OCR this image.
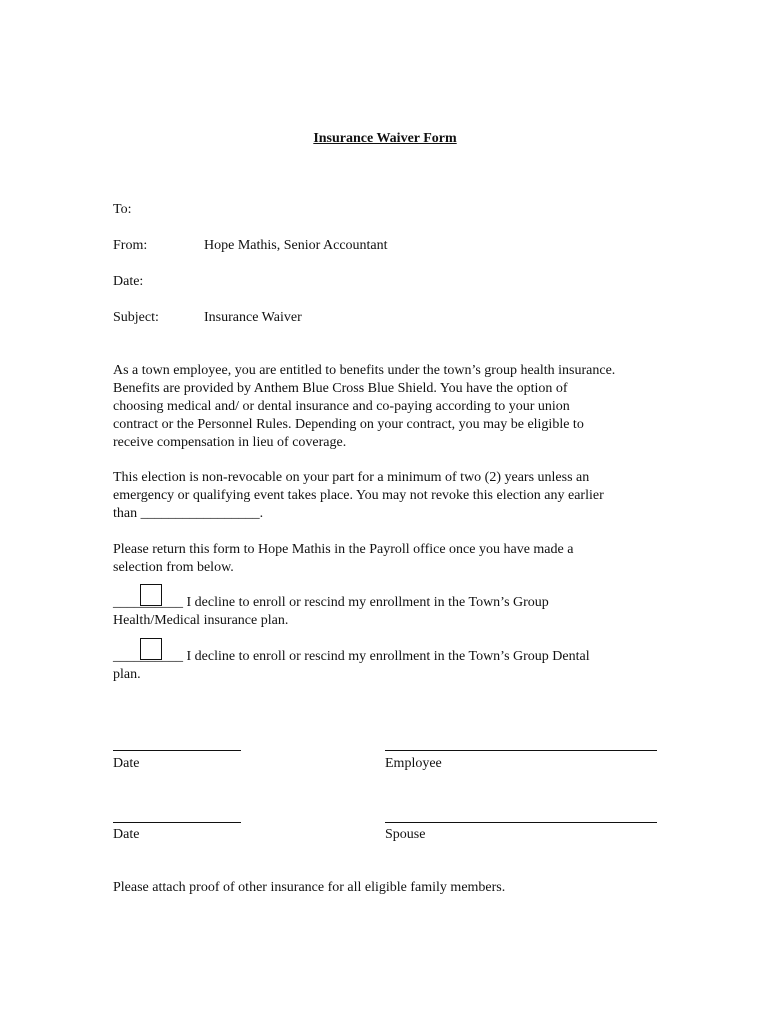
Insurance Waiver Form
To:
From:	Hope Mathis, Senior Accountant
Date:
Subject:	Insurance Waiver
As a town employee, you are entitled to benefits under the town’s group health insurance.
Benefits are provided by Anthem Blue Cross Blue Shield. You have the option of
choosing medical and/ or dental insurance and co-paying according to your union
contract or the Personnel Rules. Depending on your contract, you may be eligible to
receive compensation in lieu of coverage.
This election is non-revocable on your part for a minimum of two (2) years unless an
emergency or qualifying event takes place. You may not revoke this election any earlier
than _________________.
Please return this form to Hope Mathis in the Payroll office once you have made a
selection from below.
__________ I decline to enroll or rescind my enrollment in the Town’s Group
Health/Medical insurance plan.
__________ I decline to enroll or rescind my enrollment in the Town’s Group Dental
plan.
Date	Employee
Date	Spouse
Please attach proof of other insurance for all eligible family members.
